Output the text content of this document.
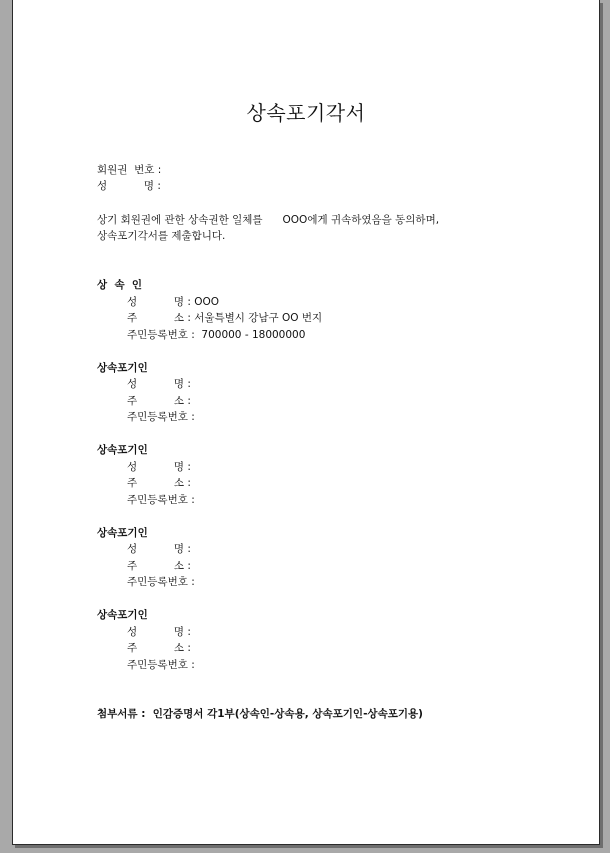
상속포기각서
회원권  번호 :
성           명 :
상기 회원권에 관한 상속권한 일체를      OOO에게 귀속하였음을 동의하며,
상속포기각서를 제출합니다.
상  속  인
성           명 : OOO
주           소 : 서울특별시 강남구 OO 번지
주민등록번호 :  700000 - 18000000
상속포기인
성           명 :
주           소 :
주민등록번호 :
상속포기인
성           명 :
주           소 :
주민등록번호 :
상속포기인
성           명 :
주           소 :
주민등록번호 :
상속포기인
성           명 :
주           소 :
주민등록번호 :
첨부서류 :  인감증명서 각1부(상속인-상속용, 상속포기인-상속포기용)
